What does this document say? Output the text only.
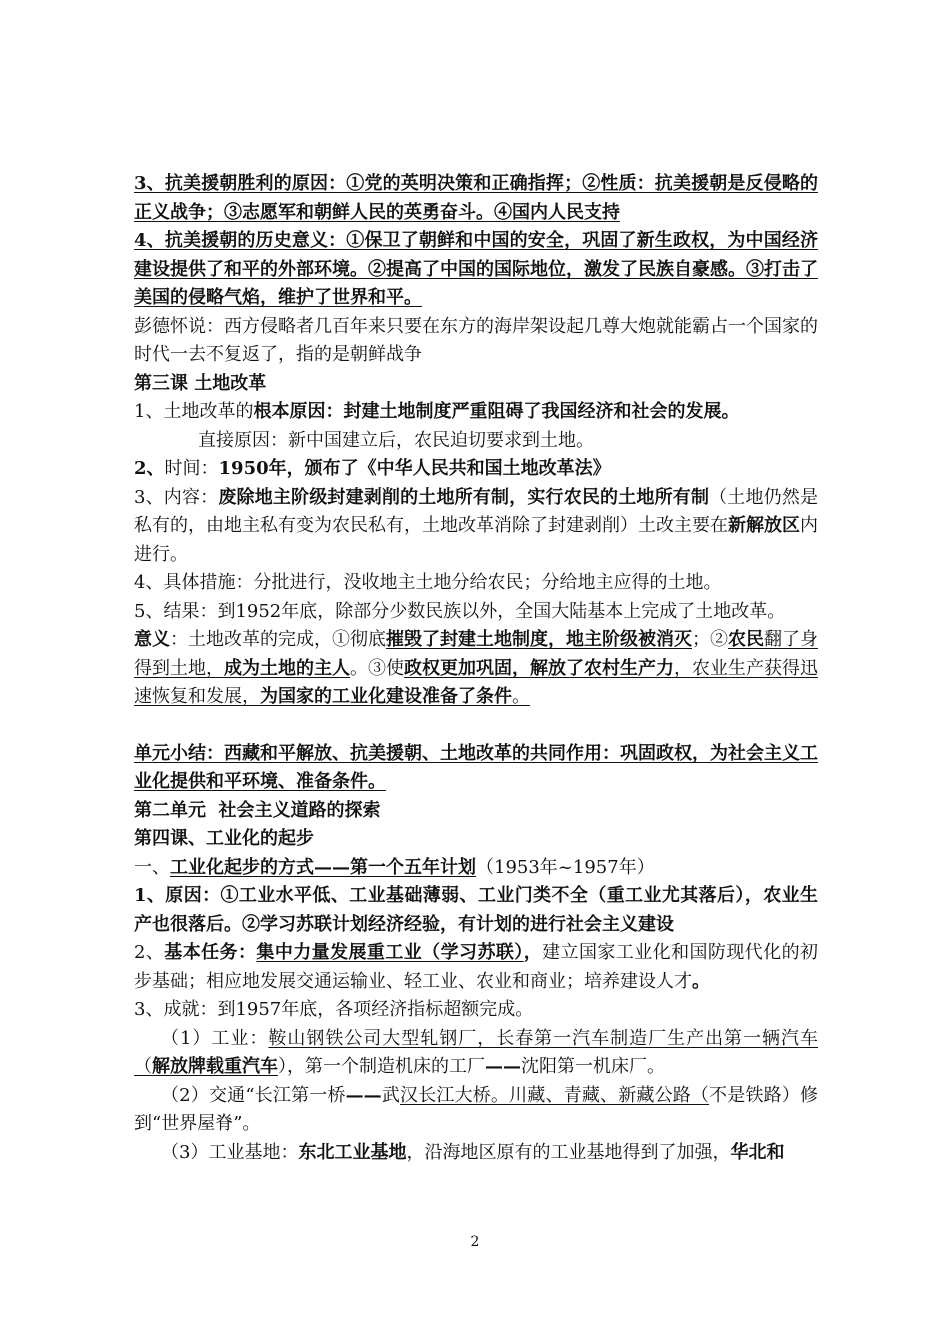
3、抗美援朝胜利的原因：①党的英明决策和正确指挥；②性质：抗美援朝是反侵略的正义战争；③志愿军和朝鲜人民的英勇奋斗。④国内人民支持

4、抗美援朝的历史意义：①保卫了朝鲜和中国的安全，巩固了新生政权，为中国经济建设提供了和平的外部环境。②提高了中国的国际地位，激发了民族自豪感。③打击了美国的侵略气焰，维护了世界和平。

彭德怀说：西方侵略者几百年来只要在东方的海岸架设起几尊大炮就能霸占一个国家的时代一去不复返了，指的是朝鲜战争

第三课 土地改革

1、土地改革的根本原因：封建土地制度严重阻碍了我国经济和社会的发展。

直接原因：新中国建立后，农民迫切要求到土地。

2、时间：1950年，颁布了《中华人民共和国土地改革法》

3、内容：废除地主阶级封建剥削的土地所有制，实行农民的土地所有制（土地仍然是私有的，由地主私有变为农民私有，土地改革消除了封建剥削）土改主要在新解放区内进行。

4、具体措施：分批进行，没收地主土地分给农民；分给地主应得的土地。

5、结果：到1952年底，除部分少数民族以外，全国大陆基本上完成了土地改革。

意义：土地改革的完成，①彻底摧毁了封建土地制度，地主阶级被消灭；②农民翻了身得到土地，成为土地的主人。③使政权更加巩固，解放了农村生产力，农业生产获得迅速恢复和发展，为国家的工业化建设准备了条件。

单元小结：西藏和平解放、抗美援朝、土地改革的共同作用：巩固政权，为社会主义工业化提供和平环境、准备条件。

第二单元  社会主义道路的探索

第四课、工业化的起步

一、工业化起步的方式——第一个五年计划（1953年~1957年）

1、原因：①工业水平低、工业基础薄弱、工业门类不全（重工业尤其落后），农业生产也很落后。②学习苏联计划经济经验，有计划的进行社会主义建设

2、基本任务：集中力量发展重工业（学习苏联），建立国家工业化和国防现代化的初步基础；相应地发展交通运输业、轻工业、农业和商业；培养建设人才。

3、成就：到1957年底，各项经济指标超额完成。

（1）工业：鞍山钢铁公司大型轧钢厂，长春第一汽车制造厂生产出第一辆汽车（解放牌载重汽车），第一个制造机床的工厂——沈阳第一机床厂。

（2）交通“长江第一桥——武汉长江大桥。川藏、青藏、新藏公路（不是铁路）修到“世界屋脊”。

（3）工业基地：东北工业基地，沿海地区原有的工业基地得到了加强，华北和

2
